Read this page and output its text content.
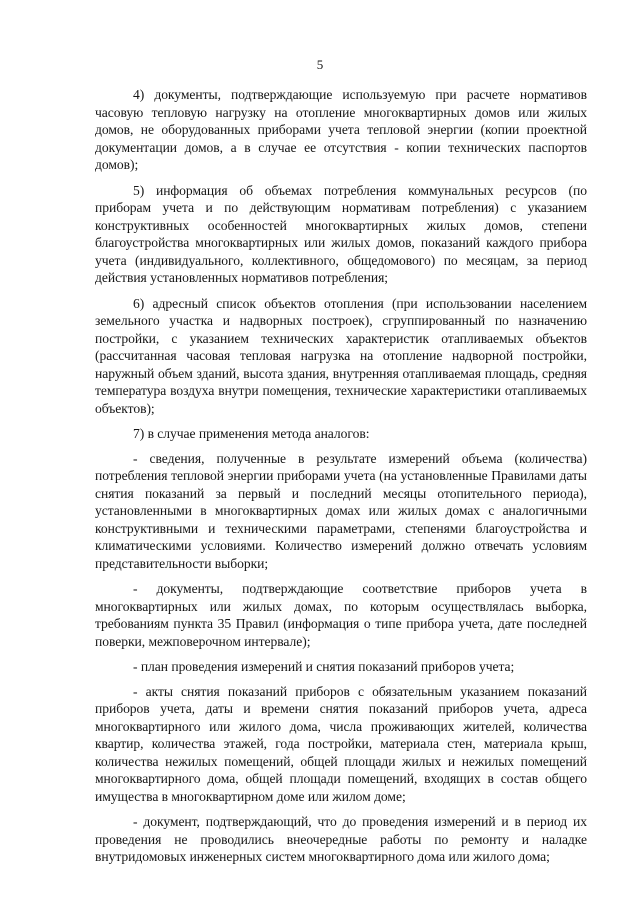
5

4) документы, подтверждающие используемую при расчете нормативов часовую тепловую нагрузку на отопление многоквартирных домов или жилых домов, не оборудованных приборами учета тепловой энергии (копии проектной документации домов, а в случае ее отсутствия - копии технических паспортов домов);

5) информация об объемах потребления коммунальных ресурсов (по приборам учета и по действующим нормативам потребления) с указанием конструктивных особенностей многоквартирных жилых домов, степени благоустройства многоквартирных или жилых домов, показаний каждого прибора учета (индивидуального, коллективного, общедомового) по месяцам, за период действия установленных нормативов потребления;

6) адресный список объектов отопления (при использовании населением земельного участка и надворных построек), сгруппированный по назначению постройки, с указанием технических характеристик отапливаемых объектов (рассчитанная часовая тепловая нагрузка на отопление надворной постройки, наружный объем зданий, высота здания, внутренняя отапливаемая площадь, средняя температура воздуха внутри помещения, технические характеристики отапливаемых объектов);

7) в случае применения метода аналогов:

- сведения, полученные в результате измерений объема (количества) потребления тепловой энергии приборами учета (на установленные Правилами даты снятия показаний за первый и последний месяцы отопительного периода), установленными в многоквартирных домах или жилых домах с аналогичными конструктивными и техническими параметрами, степенями благоустройства и климатическими условиями. Количество измерений должно отвечать условиям представительности выборки;

- документы, подтверждающие соответствие приборов учета в многоквартирных или жилых домах, по которым осуществлялась выборка, требованиям пункта 35 Правил (информация о типе прибора учета, дате последней поверки, межповерочном интервале);

- план проведения измерений и снятия показаний приборов учета;

- акты снятия показаний приборов с обязательным указанием показаний приборов учета, даты и времени снятия показаний приборов учета, адреса многоквартирного или жилого дома, числа проживающих жителей, количества квартир, количества этажей, года постройки, материала стен, материала крыш, количества нежилых помещений, общей площади жилых и нежилых помещений многоквартирного дома, общей площади помещений, входящих в состав общего имущества в многоквартирном доме или жилом доме;

- документ, подтверждающий, что до проведения измерений и в период их проведения не проводились внеочередные работы по ремонту и наладке внутридомовых инженерных систем многоквартирного дома или жилого дома;
